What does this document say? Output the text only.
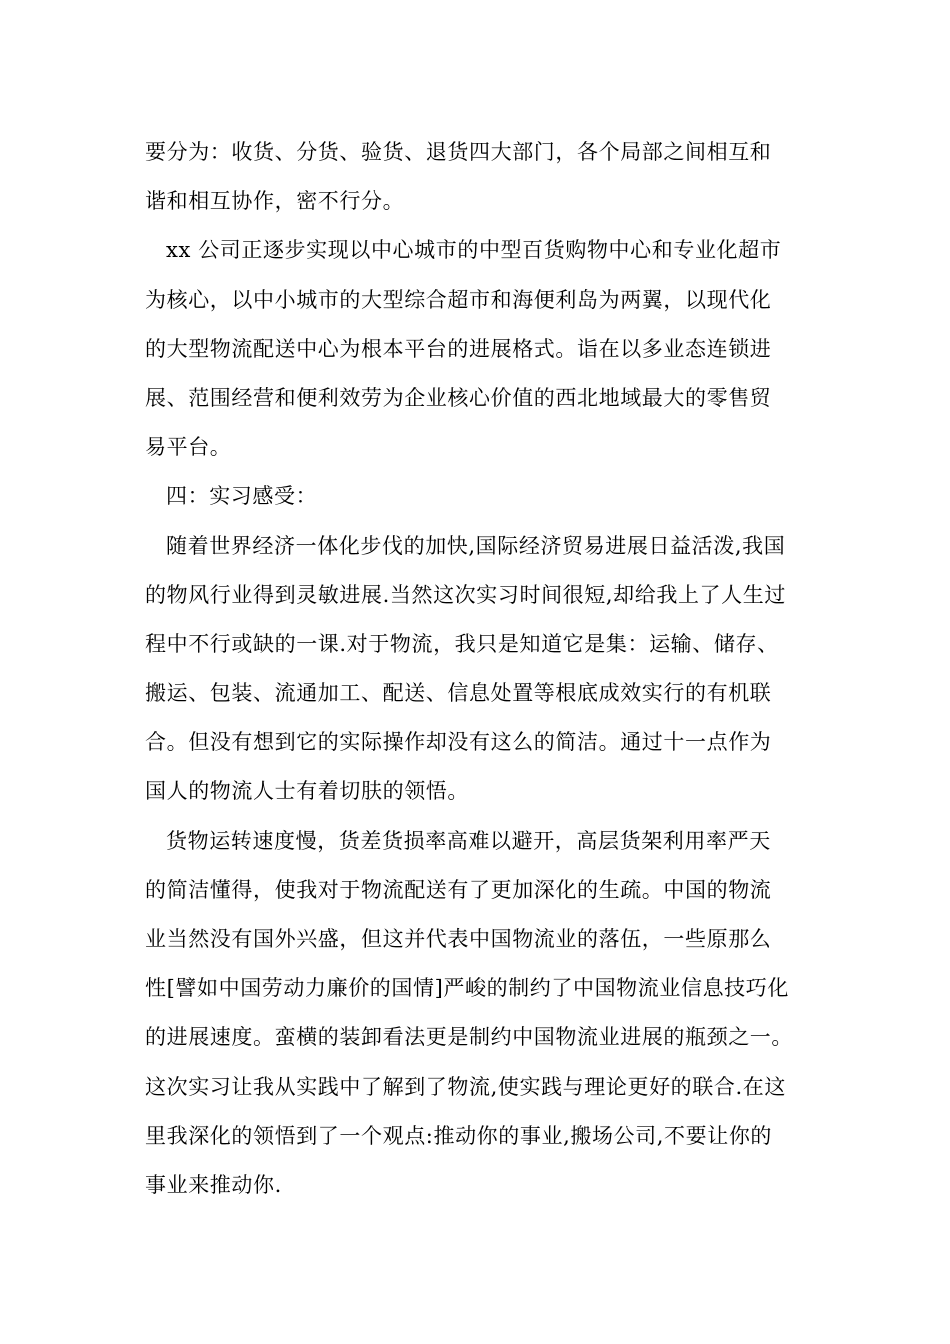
要分为：收货、分货、验货、退货四大部门，各个局部之间相互和
谐和相互协作，密不行分。

xx 公司正逐步实现以中心城市的中型百货购物中心和专业化超市
为核心，以中小城市的大型综合超市和海便利岛为两翼，以现代化
的大型物流配送中心为根本平台的进展格式。诣在以多业态连锁进
展、范围经营和便利效劳为企业核心价值的西北地域最大的零售贸
易平台。

四：实习感受：

随着世界经济一体化步伐的加快,国际经济贸易进展日益活泼,我国
的物风行业得到灵敏进展.当然这次实习时间很短,却给我上了人生过
程中不行或缺的一课.对于物流，我只是知道它是集：运输、储存、
搬运、包装、流通加工、配送、信息处置等根底成效实行的有机联
合。但没有想到它的实际操作却没有这么的简洁。通过十一点作为
国人的物流人士有着切肤的领悟。

货物运转速度慢，货差货损率高难以避开，高层货架利用率严天
的简洁懂得，使我对于物流配送有了更加深化的生疏。中国的物流
业当然没有国外兴盛，但这并代表中国物流业的落伍，一些原那么
性[譬如中国劳动力廉价的国情]严峻的制约了中国物流业信息技巧化
的进展速度。蛮横的装卸看法更是制约中国物流业进展的瓶颈之一。
这次实习让我从实践中了解到了物流,使实践与理论更好的联合.在这
里我深化的领悟到了一个观点:推动你的事业,搬场公司,不要让你的
事业来推动你.
